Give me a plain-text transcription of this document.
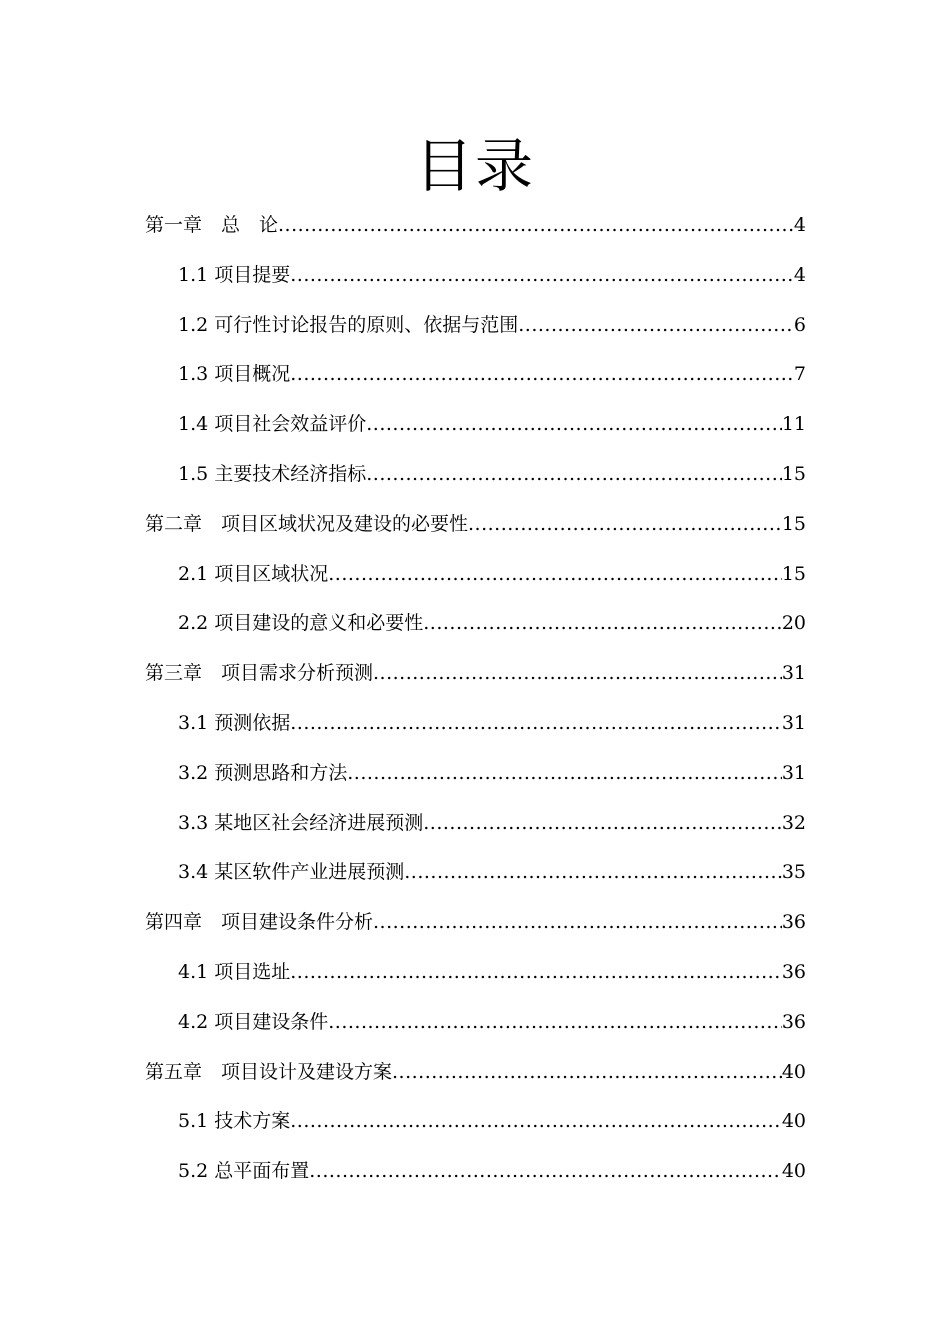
目录
第一章　总　论 .....	4
1.1 项目提要 .....	4
1.2 可行性讨论报告的原则、依据与范围 .....	6
1.3 项目概况 .....	7
1.4 项目社会效益评价 .....	11
1.5 主要技术经济指标 .....	15
第二章　项目区域状况及建设的必要性 .....	15
2.1 项目区域状况 .....	15
2.2 项目建设的意义和必要性 .....	20
第三章　项目需求分析预测 .....	31
3.1 预测依据 .....	31
3.2 预测思路和方法 .....	31
3.3 某地区社会经济进展预测 .....	32
3.4 某区软件产业进展预测 .....	35
第四章　项目建设条件分析 .....	36
4.1 项目选址 .....	36
4.2 项目建设条件 .....	36
第五章　项目设计及建设方案 .....	40
5.1 技术方案 .....	40
5.2 总平面布置 .....	40
